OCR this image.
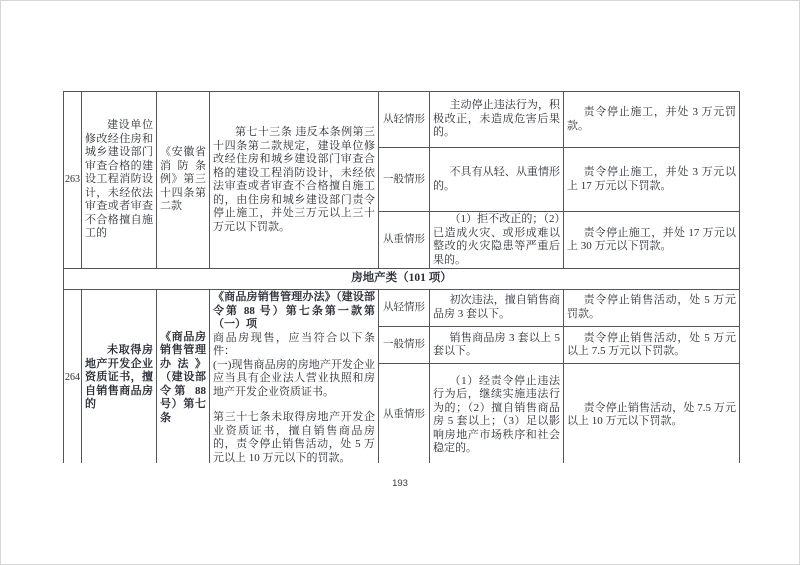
263	建设单位修改经住房和城乡建设部门审查合格的建设工程消防设计，未经依法审查或者审查不合格擅自施工的	《安徽省消防条例》第三十四条第二款	第七十三条 违反本条例第三十四条第二款规定，建设单位修改经住房和城乡建设部门审查合格的建设工程消防设计，未经依法审查或者审查不合格擅自施工的，由住房和城乡建设部门责令停止施工，并处三万元以上三十万元以下罚款。	从轻情形	主动停止违法行为，积极改正，未造成危害后果的。	责令停止施工，并处 3 万元罚款。
				一般情形	不具有从轻、从重情形的。	责令停止施工，并处 3 万元以上 17 万元以下罚款。
				从重情形	（1）拒不改正的；（2）已造成火灾、或形成难以整改的火灾隐患等严重后果的。	责令停止施工，并处 17 万元以上 30 万元以下罚款。
房地产类（101 项）						
264	未取得房地产开发企业资质证书，擅自销售商品房的	《商品房销售管理办法》（建设部令第 88 号）第七条	《商品房销售管理办法》（建设部令第 88 号）第七条第一款第（一）项
商品房现售，应当符合以下条件：
(一)现售商品房的房地产开发企业应当具有企业法人营业执照和房地产开发企业资质证书。
第三十七条未取得房地产开发企业资质证书，擅自销售商品房的，责令停止销售活动，处 5 万元以上 10 万元以下的罚款。	从轻情形	初次违法，擅自销售商品房 3 套以下。	责令停止销售活动，处 5 万元罚款。
				一般情形	销售商品房 3 套以上 5 套以下。	责令停止销售活动，处 5 万元以上 7.5 万元以下罚款。
				从重情形	（1）经责令停止违法行为后，继续实施违法行为的；（2）擅自销售商品房 5 套以上；（3）足以影响房地产市场秩序和社会稳定的。	责令停止销售活动，处 7.5 万元以上 10 万元以下罚款。

193
